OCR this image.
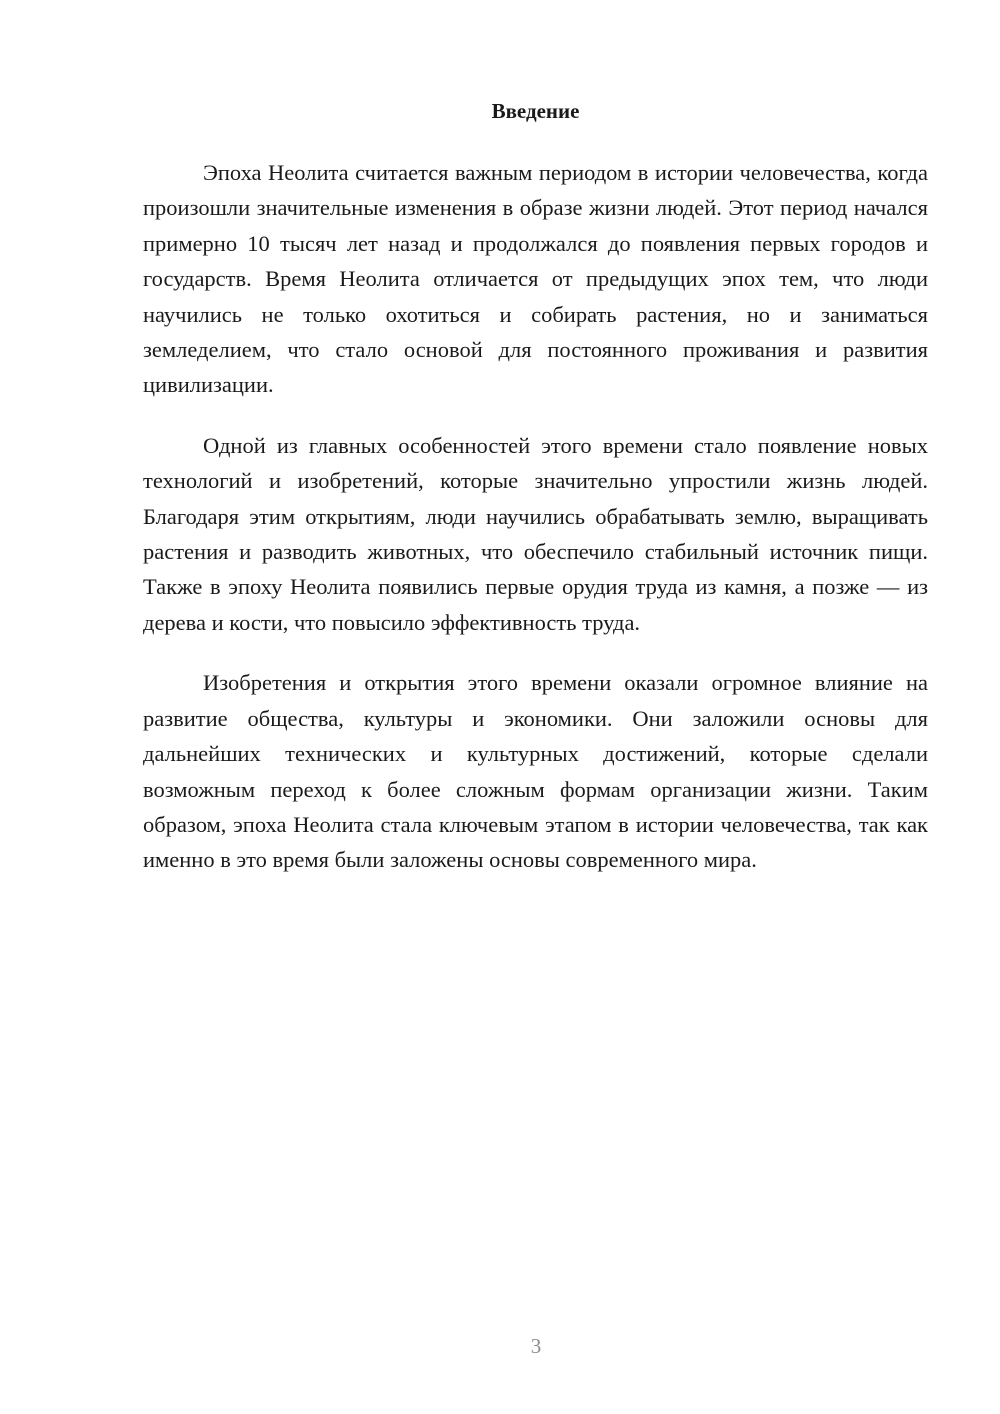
Введение

Эпоха Неолита считается важным периодом в истории человечества, когда произошли значительные изменения в образе жизни людей. Этот период начался примерно 10 тысяч лет назад и продолжался до появления первых городов и государств. Время Неолита отличается от предыдущих эпох тем, что люди научились не только охотиться и собирать растения, но и заниматься земледелием, что стало основой для постоянного проживания и развития цивилизации.

Одной из главных особенностей этого времени стало появление новых технологий и изобретений, которые значительно упростили жизнь людей. Благодаря этим открытиям, люди научились обрабатывать землю, выращивать растения и разводить животных, что обеспечило стабильный источник пищи. Также в эпоху Неолита появились первые орудия труда из камня, а позже — из дерева и кости, что повысило эффективность труда.

Изобретения и открытия этого времени оказали огромное влияние на развитие общества, культуры и экономики. Они заложили основы для дальнейших технических и культурных достижений, которые сделали возможным переход к более сложным формам организации жизни. Таким образом, эпоха Неолита стала ключевым этапом в истории человечества, так как именно в это время были заложены основы современного мира.

3
